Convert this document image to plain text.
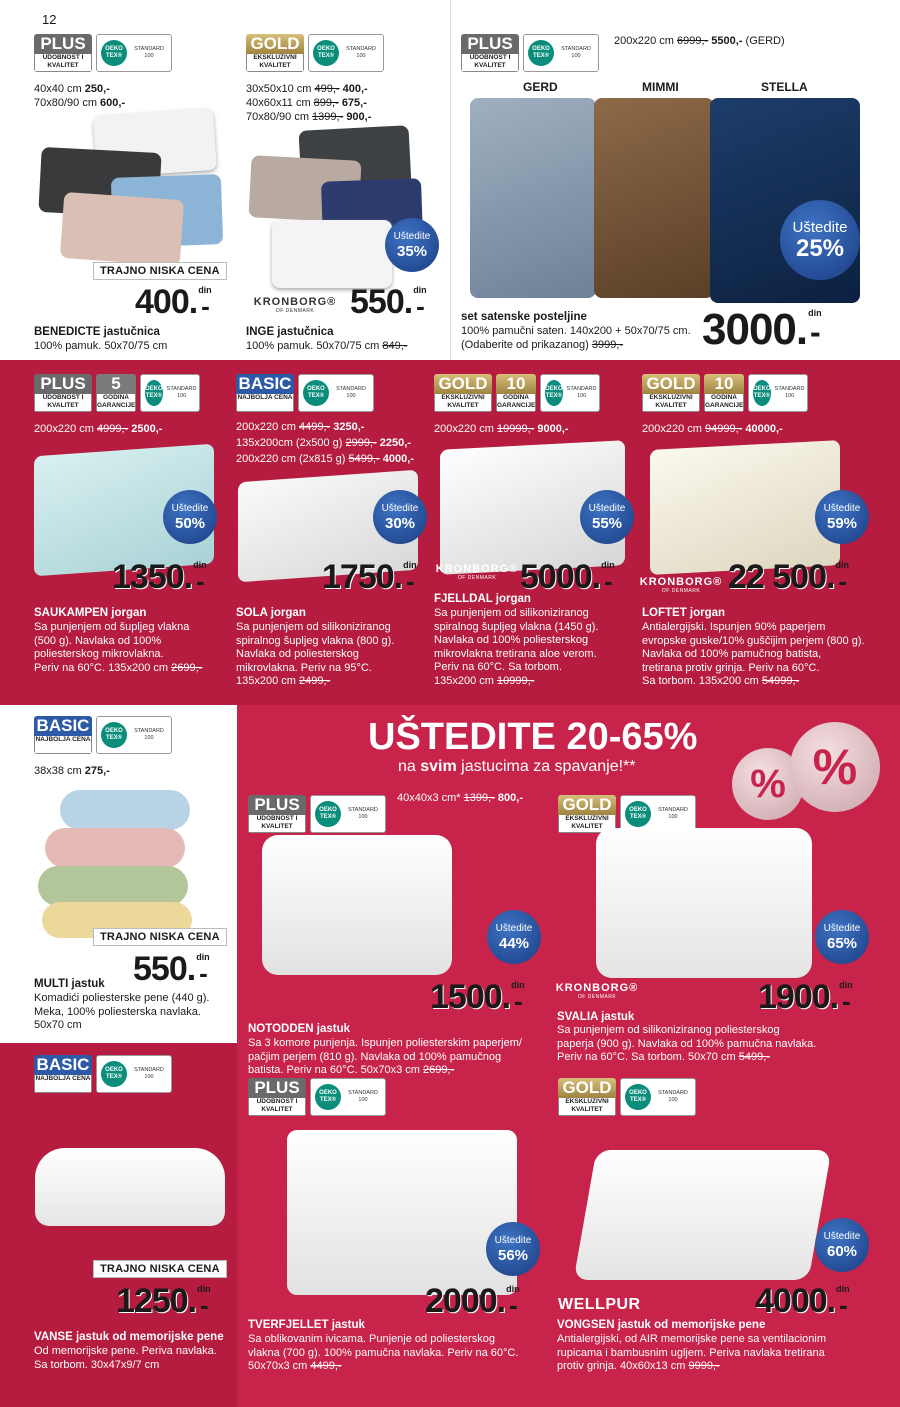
12
PLUS
UDOBNOST I KVALITET
OEKO TEX®
STANDARD 100
40x40 cm 250,-
70x80/90 cm 600,-
TRAJNO NISKA CENA
400. din
-
BENEDICTE jastučnica
100% pamuk. 50x70/75 cm
GOLD
EKSKLUZIVNI KVALITET
OEKO TEX®
STANDARD 100
30x50x10 cm 499,- 400,-
40x60x11 cm 899,- 675,-
70x80/90 cm 1399,- 900,-
Uštedite
35%
KRONBORG®
OF DENMARK	550. din
-
INGE jastučnica
100% pamuk. 50x70/75 cm 849,-
PLUS
UDOBNOST I KVALITET
OEKO TEX®
STANDARD 100
200x220 cm 6999,- 5500,- (GERD)
GERD	MIMMI	STELLA
Uštedite
25%
set satenske posteljine
100% pamučni saten. 140x200 + 50x70/75 cm.
(Odaberite od prikazanog) 3999,- 3000. din
-
PLUS
UDOBNOST I KVALITET
5
GODINA GARANCIJE
OEKO TEX®
STANDARD 100
200x220 cm 4999,- 2500,-
Uštedite
50%
1350. din
-
SAUKAMPEN jorgan
Sa punjenjem od šupljeg vlakna
(500 g). Navlaka od 100%
poliesterskog mikrovlakna.
Periv na 60°C. 135x200 cm 2699,-
BASIC
NAJBOLJA CENA
OEKO TEX®
STANDARD 100
200x220 cm 4499,- 3250,-
135x200cm (2x500 g) 2999,- 2250,-
200x220 cm (2x815 g) 5499,- 4000,-
Uštedite
30%
1750. din
-
SOLA jorgan
Sa punjenjem od silikoniziranog
spiralnog šupljeg vlakna (800 g).
Navlaka od poliesterskog
mikrovlakna. Periv na 95°C.
135x200 cm 2499,-
GOLD
EKSKLUZIVNI KVALITET
10
GODINA GARANCIJE
OEKO TEX®
STANDARD 100
200x220 cm 19999,- 9000,-
Uštedite
55%
KRONBORG®
OF DENMARK 5000. din
-
FJELLDAL jorgan
Sa punjenjem od silikoniziranog
spiralnog šupljeg vlakna (1450 g).
Navlaka od 100% poliesterskog
mikrovlakna tretirana aloe verom.
Periv na 60°C. Sa torbom.
135x200 cm 10999,-
GOLD
EKSKLUZIVNI KVALITET
10
GODINA GARANCIJE
OEKO TEX®
STANDARD 100
200x220 cm 94999,- 40000,-
Uštedite
59%
KRONBORG®
OF DENMARK 22 500. din
-
LOFTET jorgan
Antialergijski. Ispunjen 90% paperjem
evropske guske/10% guščijim perjem (800 g).
Navlaka od 100% pamučnog batista,
tretirana protiv grinja. Periv na 60°C.
Sa torbom. 135x200 cm 54999,-
BASIC
NAJBOLJA CENA
OEKO TEX®
STANDARD 100
38x38 cm 275,-
TRAJNO NISKA CENA
550. din
-
MULTI jastuk
Komadići poliesterske pene (440 g).
Meka, 100% poliesterska navlaka.
50x70 cm
BASIC
NAJBOLJA CENA
OEKO TEX®
STANDARD 100
TRAJNO NISKA CENA
1250. din
-
VANSE jastuk od memorijske pene
Od memorijske pene. Periva navlaka.
Sa torbom. 30x47x9/7 cm
UŠTEDITE 20-65%
na svim jastucima za spavanje!**	% %
PLUS
UDOBNOST I KVALITET
OEKO TEX®
STANDARD 100
40x40x3 cm* 1399,- 800,-
Uštedite
44%
1500. din
-
NOTODDEN jastuk
Sa 3 komore punjenja. Ispunjen poliesterskim paperjem/
pačjim perjem (810 g). Navlaka od 100% pamučnog
batista. Periv na 60°C. 50x70x3 cm 2699,-
GOLD
EKSKLUZIVNI KVALITET
OEKO TEX®
STANDARD 100
Uštedite
65%
KRONBORG®
OF DENMARK	1900. din
-
SVALIA jastuk
Sa punjenjem od silikoniziranog poliesterskog
paperja (900 g). Navlaka od 100% pamučna navlaka.
Periv na 60°C. Sa torbom. 50x70 cm 5499,-
PLUS
UDOBNOST I KVALITET
OEKO TEX®
STANDARD 100
Uštedite
56%
2000. din
-
TVERFJELLET jastuk
Sa oblikovanim ivicama. Punjenje od poliesterskog
vlakna (700 g). 100% pamučna navlaka. Periv na 60°C.
50x70x3 cm 4499,-
GOLD
EKSKLUZIVNI KVALITET
OEKO TEX®
STANDARD 100
Uštedite
60%
WELLPUR	4000. din
-
VONGSEN jastuk od memorijske pene
Antialergijski, od AIR memorijske pene sa ventilacionim
rupicama i bambusnim ugljem. Periva navlaka tretirana
protiv grinja. 40x60x13 cm 9999,-
